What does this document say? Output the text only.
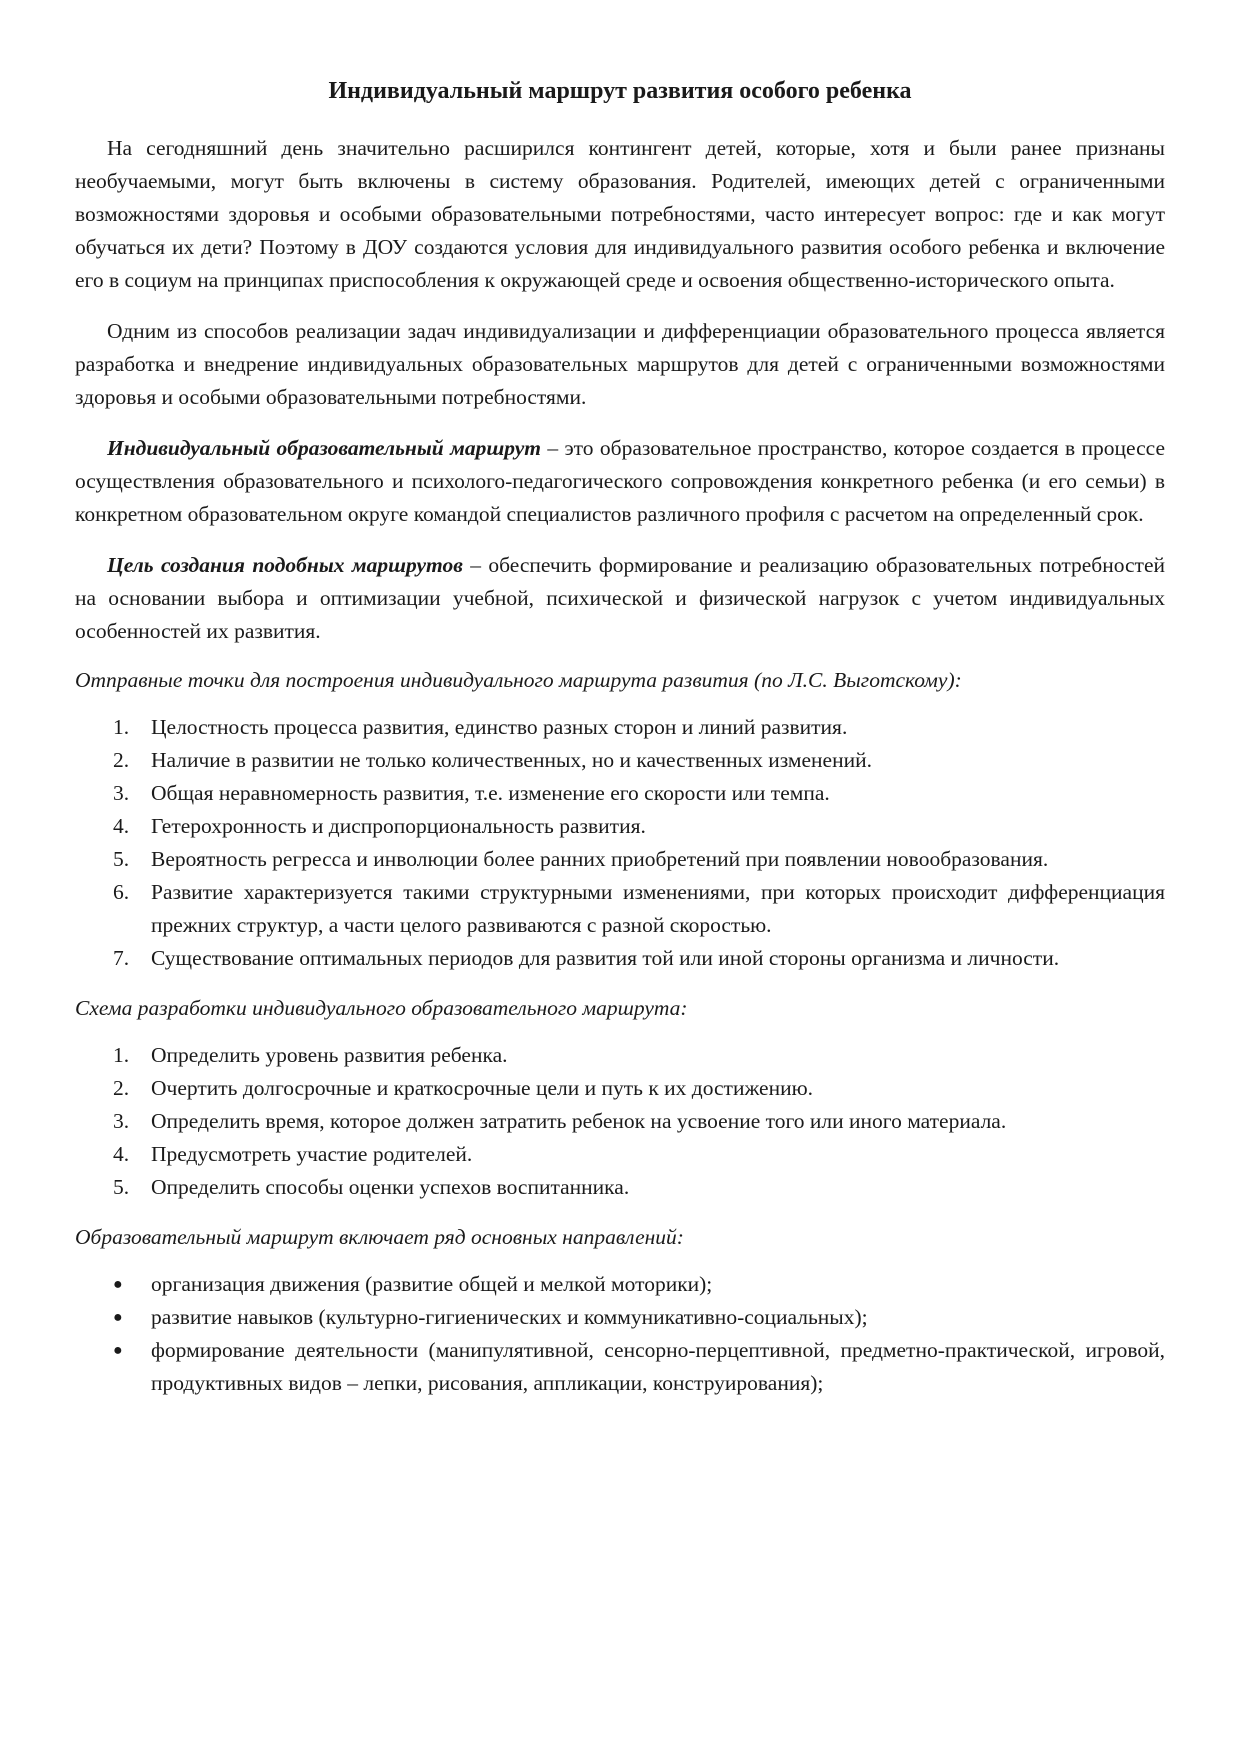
Индивидуальный маршрут развития особого ребенка

На сегодняшний день значительно расширился контингент детей, которые, хотя и были ранее признаны необучаемыми, могут быть включены в систему образования. Родителей, имеющих детей с ограниченными возможностями здоровья и особыми образовательными потребностями, часто интересует вопрос: где и как могут обучаться их дети? Поэтому в ДОУ создаются условия для индивидуального развития особого ребенка и включение его в социум на принципах приспособления к окружающей среде и освоения общественно-исторического опыта.

Одним из способов реализации задач индивидуализации и дифференциации образовательного процесса является разработка и внедрение индивидуальных образовательных маршрутов для детей с ограниченными возможностями здоровья и особыми образовательными потребностями.

Индивидуальный образовательный маршрут – это образовательное пространство, которое создается в процессе осуществления образовательного и психолого-педагогического сопровождения конкретного ребенка (и его семьи) в конкретном образовательном округе командой специалистов различного профиля с расчетом на определенный срок.

Цель создания подобных маршрутов – обеспечить формирование и реализацию образовательных потребностей на основании выбора и оптимизации учебной, психической и физической нагрузок с учетом индивидуальных особенностей их развития.

Отправные точки для построения индивидуального маршрута развития (по Л.С. Выготскому):

1. Целостность процесса развития, единство разных сторон и линий развития.
2. Наличие в развитии не только количественных, но и качественных изменений.
3. Общая неравномерность развития, т.е. изменение его скорости или темпа.
4. Гетерохронность и диспропорциональность развития.
5. Вероятность регресса и инволюции более ранних приобретений при появлении новообразования.
6. Развитие характеризуется такими структурными изменениями, при которых происходит дифференциация прежних структур, а части целого развиваются с разной скоростью.
7. Существование оптимальных периодов для развития той или иной стороны организма и личности.

Схема разработки индивидуального образовательного маршрута:

1. Определить уровень развития ребенка.
2. Очертить долгосрочные и краткосрочные цели и путь к их достижению.
3. Определить время, которое должен затратить ребенок на усвоение того или иного материала.
4. Предусмотреть участие родителей.
5. Определить способы оценки успехов воспитанника.

Образовательный маршрут включает ряд основных направлений:

● организация движения (развитие общей и мелкой моторики);
● развитие навыков (культурно-гигиенических и коммуникативно-социальных);
● формирование деятельности (манипулятивной, сенсорно-перцептивной, предметно-практической, игровой, продуктивных видов – лепки, рисования, аппликации, конструирования);
